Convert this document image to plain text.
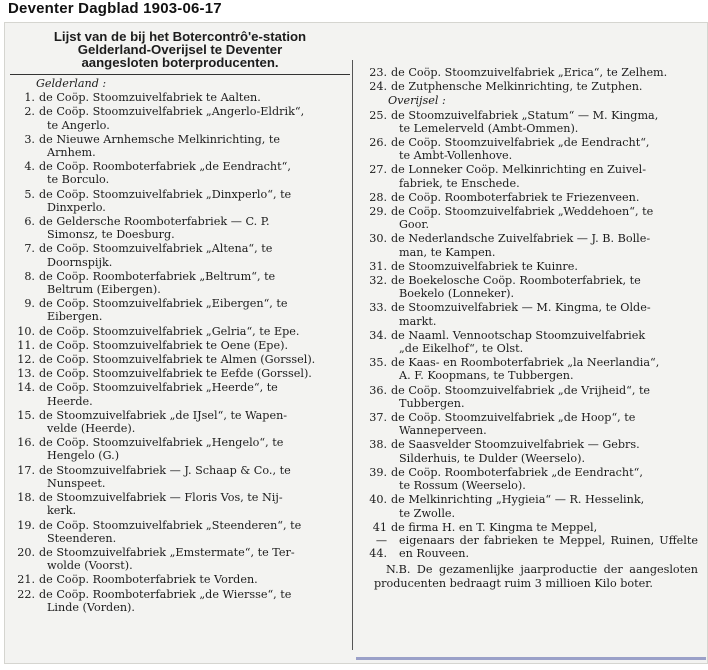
Deventer Dagblad 1903-06-17
Lijst van de bij het Botercontrô'e-station
Gelderland-Overijsel te Deventer
aangesloten boterproducenten.
Gelderland :
1. de Coöp. Stoomzuivelfabriek te Aalten.
2. de Coöp. Stoomzuivelfabriek „Angerlo-Eldrik“,
te Angerlo.
3. de Nieuwe Arnhemsche Melkinrichting, te
Arnhem.
4. de Coöp. Roomboterfabriek „de Eendracht“,
te Borculo.
5. de Coöp. Stoomzuivelfabriek „Dinxperlo“, te
Dinxperlo.
6. de Geldersche Roomboterfabriek — C. P.
Simonsz, te Doesburg.
7. de Coöp. Stoomzuivelfabriek „Altena“, te
Doornspijk.
8. de Coöp. Roomboterfabriek „Beltrum“, te
Beltrum (Eibergen).
9. de Coöp. Stoomzuivelfabriek „Eibergen“, te
Eibergen.
10. de Coöp. Stoomzuivelfabriek „Gelria“, te Epe.
11. de Coöp. Stoomzuivelfabriek te Oene (Epe).
12. de Coöp. Stoomzuivelfabriek te Almen (Gorssel).
13. de Coöp. Stoomzuivelfabriek te Eefde (Gorssel).
14. de Coöp. Stoomzuivelfabriek „Heerde“, te
Heerde.
15. de Stoomzuivelfabriek „de IJsel“, te Wapen-
velde (Heerde).
16. de Coöp. Stoomzuivelfabriek „Hengelo“, te
Hengelo (G.)
17. de Stoomzuivelfabriek — J. Schaap & Co., te
Nunspeet.
18. de Stoomzuivelfabriek — Floris Vos, te Nij-
kerk.
19. de Coöp. Stoomzuivelfabriek „Steenderen“, te
Steenderen.
20. de Stoomzuivelfabriek „Emstermate“, te Ter-
wolde (Voorst).
21. de Coöp. Roomboterfabriek te Vorden.
22. de Coöp. Roomboterfabriek „de Wiersse“, te
Linde (Vorden).
23. de Coöp. Stoomzuivelfabriek „Erica“, te Zelhem.
24. de Zutphensche Melkinrichting, te Zutphen.
Overijsel :
25. de Stoomzuivelfabriek „Statum“ — M. Kingma,
te Lemelerveld (Ambt-Ommen).
26. de Coöp. Stoomzuivelfabriek „de Eendracht“,
te Ambt-Vollenhove.
27. de Lonneker Coöp. Melkinrichting en Zuivel-
fabriek, te Enschede.
28. de Coöp. Roomboterfabriek te Friezenveen.
29. de Coöp. Stoomzuivelfabriek „Weddehoen“, te
Goor.
30. de Nederlandsche Zuivelfabriek — J. B. Bolle-
man, te Kampen.
31. de Stoomzuivelfabriek te Kuinre.
32. de Boekelosche Coöp. Roomboterfabriek, te
Boekelo (Lonneker).
33. de Stoomzuivelfabriek — M. Kingma, te Olde-
markt.
34. de Naaml. Vennootschap Stoomzuivelfabriek
„de Eikelhof“, te Olst.
35. de Kaas- en Roomboterfabriek „la Neerlandia“,
A. F. Koopmans, te Tubbergen.
36. de Coöp. Stoomzuivelfabriek „de Vrijheid“, te
Tubbergen.
37. de Coöp. Stoomzuivelfabriek „de Hoop“, te
Wanneperveen.
38. de Saasvelder Stoomzuivelfabriek — Gebrs.
Silderhuis, te Dulder (Weerselo).
39. de Coöp. Roomboterfabriek „de Eendracht“,
te Rossum (Weerselo).
40. de Melkinrichting „Hygieia“ — R. Hesselink,
te Zwolle.
41—44.
de firma H. en T. Kingma te Meppel,
eigenaars der fabrieken te Meppel, Ruinen, Uffelte en Rouveen.
N.B. De gezamenlijke jaarproductie der aangesloten producenten bedraagt ruim 3 millioen Kilo boter.
